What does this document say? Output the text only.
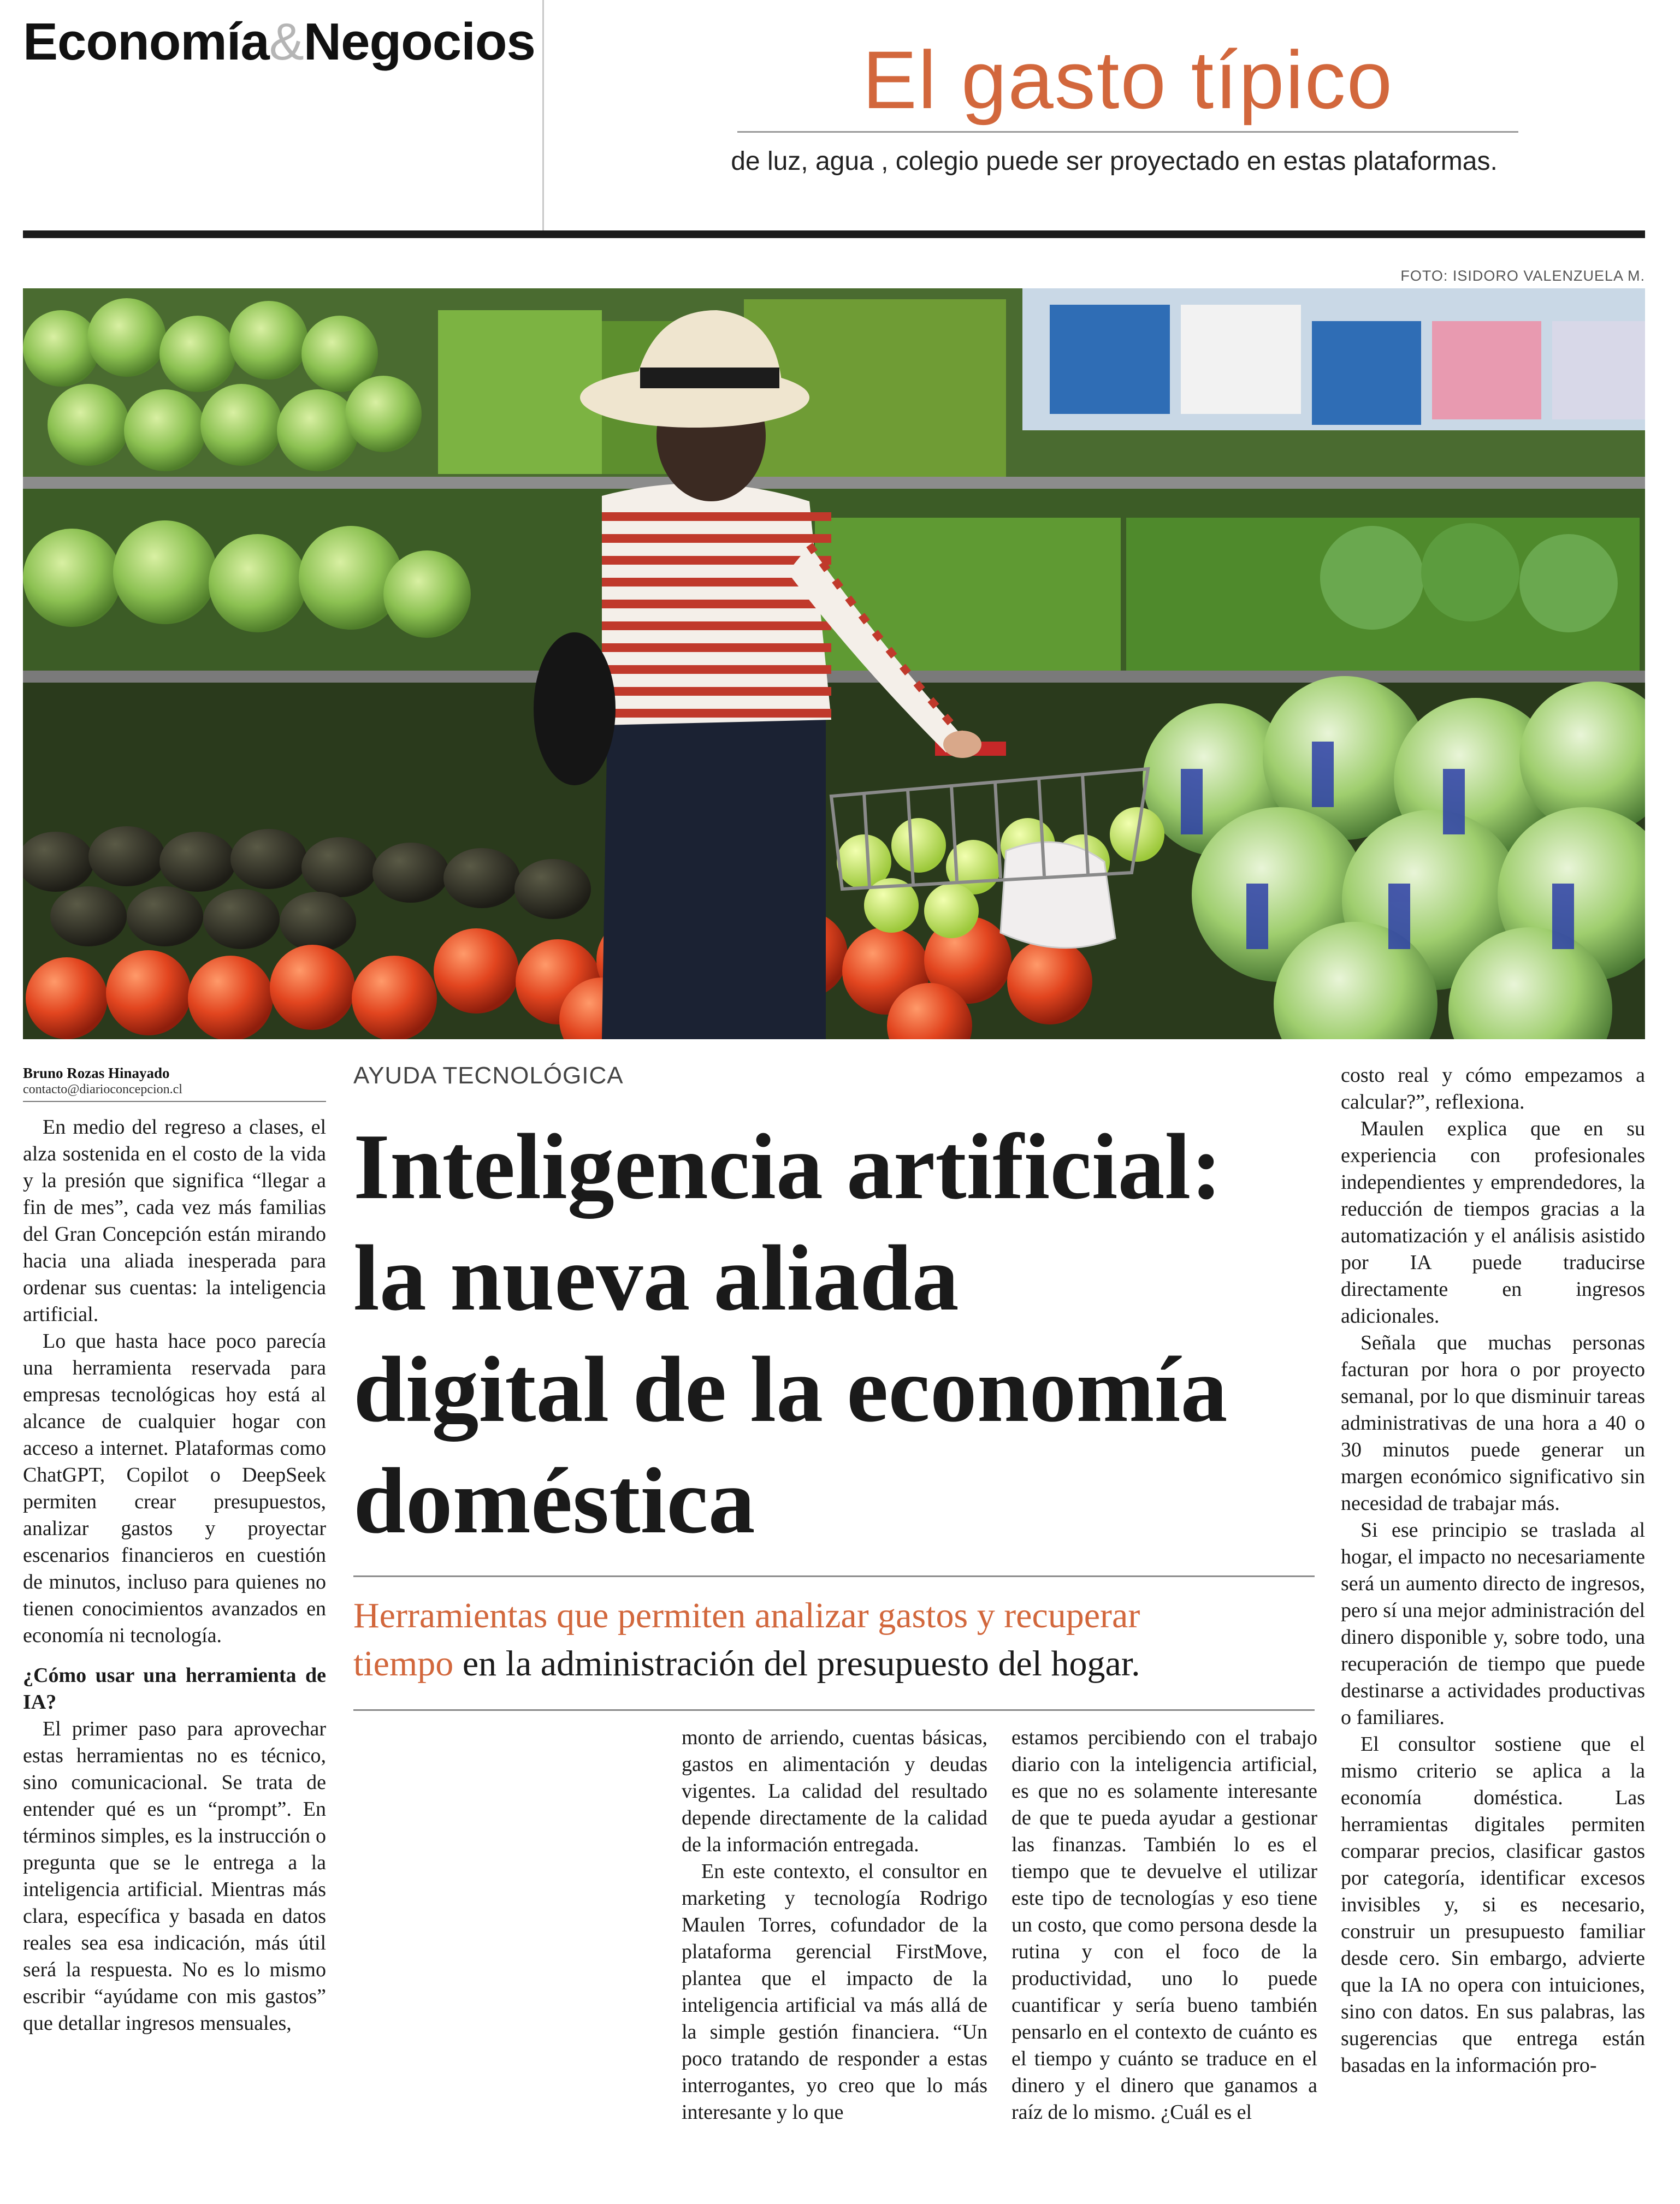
Economía&Negocios	El gasto típico
de luz, agua , colegio puede ser proyectado en estas plataformas.
FOTO: ISIDORO VALENZUELA M.
Bruno Rozas Hinayado
contacto@diarioconcepcion.cl
AYUDA TECNOLÓGICA
Inteligencia artificial:
la nueva aliada
digital de la economía
doméstica
Herramientas que permiten analizar gastos y recuperar
tiempo en la administración del presupuesto del hogar.

En medio del regreso a clases, el alza sostenida en el costo de la vida y la presión que significa “llegar a fin de mes”, cada vez más familias del Gran Concepción están mirando hacia una aliada inesperada para ordenar sus cuentas: la inteligencia artificial.

Lo que hasta hace poco parecía una herramienta reservada para empresas tecnológicas hoy está al alcance de cualquier hogar con acceso a internet. Plataformas como ChatGPT, Copilot o DeepSeek permiten crear presupuestos, analizar gastos y proyectar escenarios financieros en cuestión de minutos, incluso para quienes no tienen conocimientos avanzados en economía ni tecnología.

¿Cómo usar una herramienta de IA?

El primer paso para aprovechar estas herramientas no es técnico, sino comunicacional. Se trata de entender qué es un “prompt”. En términos simples, es la instrucción o pregunta que se le entrega a la inteligencia artificial. Mientras más clara, específica y basada en datos reales sea esa indicación, más útil será la respuesta. No es lo mismo escribir “ayúdame con mis gastos” que detallar ingresos mensuales,

monto de arriendo, cuentas básicas, gastos en alimentación y deudas vigentes. La calidad del resultado depende directamente de la calidad de la información entregada.

En este contexto, el consultor en marketing y tecnología Rodrigo Maulen Torres, cofundador de la plataforma gerencial FirstMove, plantea que el impacto de la inteligencia artificial va más allá de la simple gestión financiera. “Un poco tratando de responder a estas interrogantes, yo creo que lo más interesante y lo que

estamos percibiendo con el trabajo diario con la inteligencia artificial, es que no es solamente interesante de que te pueda ayudar a gestionar las finanzas. También lo es el tiempo que te devuelve el utilizar este tipo de tecnologías y eso tiene un costo, que como persona desde la rutina y con el foco de la productividad, uno lo puede cuantificar y sería bueno también pensarlo en el contexto de cuánto es el tiempo y cuánto se traduce en el dinero y el dinero que ganamos a raíz de lo mismo. ¿Cuál es el

costo real y cómo empezamos a calcular?”, reflexiona.

Maulen explica que en su experiencia con profesionales independientes y emprendedores, la reducción de tiempos gracias a la automatización y el análisis asistido por IA puede traducirse directamente en ingresos adicionales.

Señala que muchas personas facturan por hora o por proyecto semanal, por lo que disminuir tareas administrativas de una hora a 40 o 30 minutos puede generar un margen económico significativo sin necesidad de trabajar más.

Si ese principio se traslada al hogar, el impacto no necesariamente será un aumento directo de ingresos, pero sí una mejor administración del dinero disponible y, sobre todo, una recuperación de tiempo que puede destinarse a actividades productivas o familiares.

El consultor sostiene que el mismo criterio se aplica a la economía doméstica. Las herramientas digitales permiten comparar precios, clasificar gastos por categoría, identificar excesos invisibles y, si es necesario, construir un presupuesto familiar desde cero. Sin embargo, advierte que la IA no opera con intuiciones, sino con datos. En sus palabras, las sugerencias que entrega están basadas en la información pro-
